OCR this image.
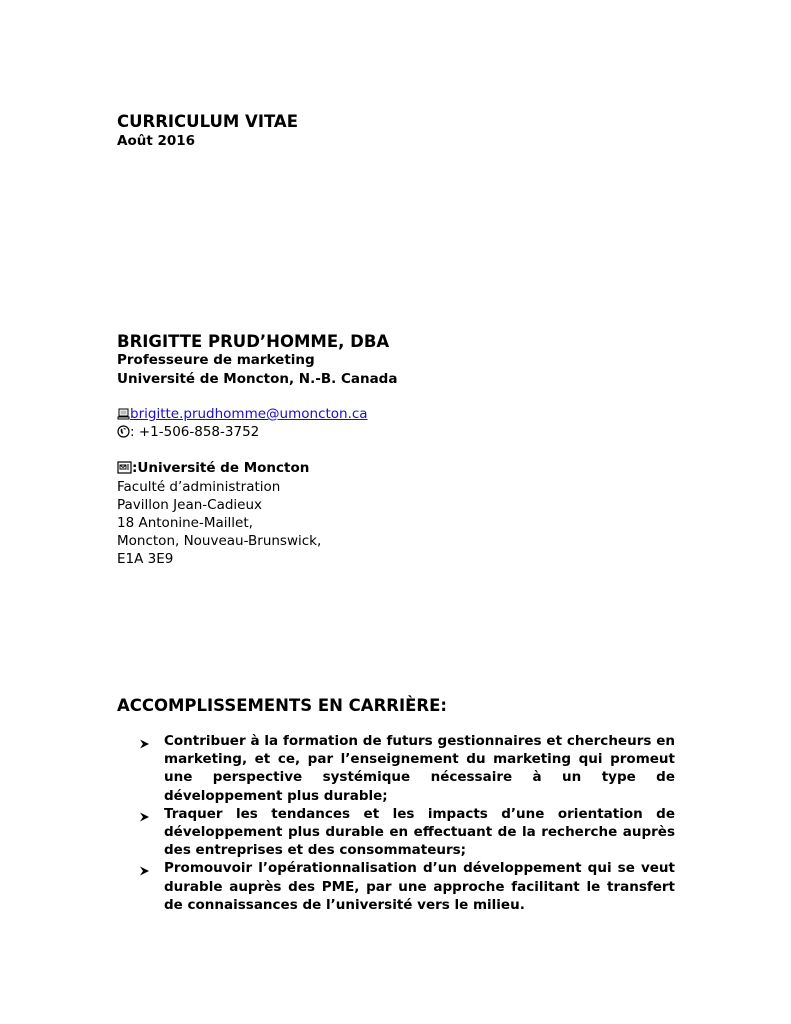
CURRICULUM VITAE
Août 2016
BRIGITTE PRUD’HOMME, DBA
Professeure de marketing
Université de Moncton, N.-B. Canada
brigitte.prudhomme@umoncton.ca
: +1-506-858-3752
:Université de Moncton
Faculté d’administration
Pavillon Jean-Cadieux
18 Antonine-Maillet,
Moncton, Nouveau-Brunswick,
E1A 3E9
ACCOMPLISSEMENTS EN CARRIÈRE:
Contribuer à la formation de futurs gestionnaires et chercheurs en marketing, et ce, par l’enseignement du marketing qui promeut une perspective systémique nécessaire à un type de développement plus durable;
Traquer les tendances et les impacts d’une orientation de développement plus durable en effectuant de la recherche auprès des entreprises et des consommateurs;
Promouvoir l’opérationnalisation d’un développement qui se veut durable auprès des PME, par une approche facilitant le transfert de connaissances de l’université vers le milieu.
